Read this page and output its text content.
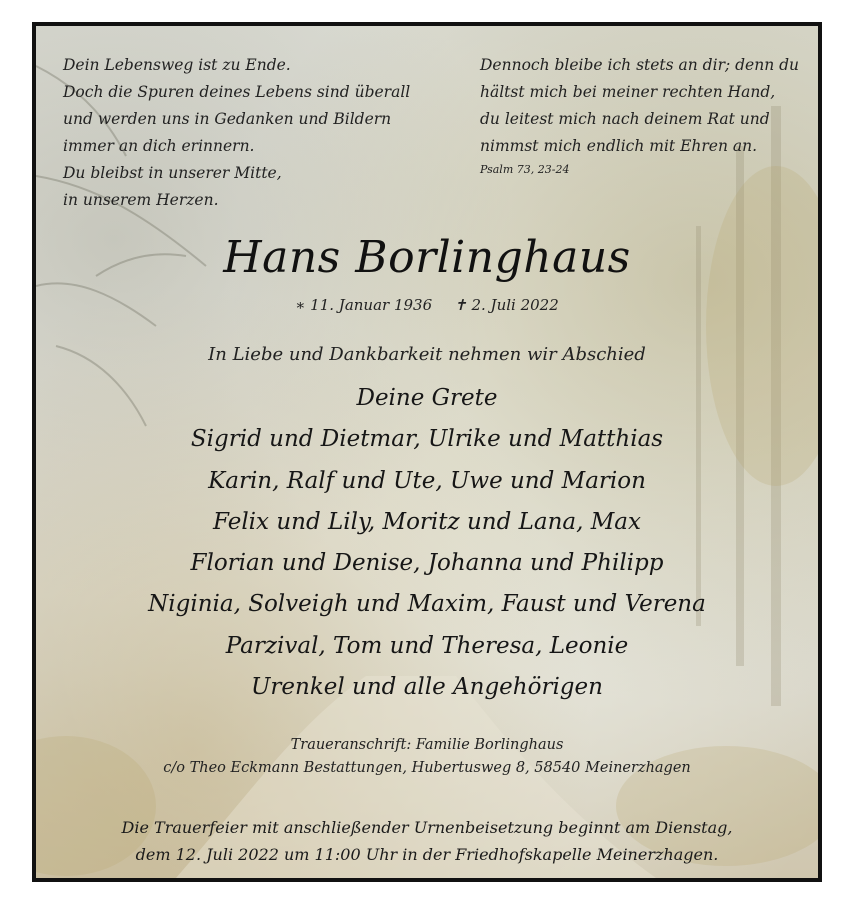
Dein Lebensweg ist zu Ende.
Doch die Spuren deines Lebens sind überall
und werden uns in Gedanken und Bildern
immer an dich erinnern.
Du bleibst in unserer Mitte,
in unserem Herzen.
Dennoch bleibe ich stets an dir; denn du
hältst mich bei meiner rechten Hand,
du leitest mich nach deinem Rat und
nimmst mich endlich mit Ehren an.
Psalm 73, 23-24
Hans Borlinghaus
∗ 11. Januar 1936 ✝ 2. Juli 2022
In Liebe und Dankbarkeit nehmen wir Abschied
Deine Grete
Sigrid und Dietmar, Ulrike und Matthias
Karin, Ralf und Ute, Uwe und Marion
Felix und Lily, Moritz und Lana, Max
Florian und Denise, Johanna und Philipp
Niginia, Solveigh und Maxim, Faust und Verena
Parzival, Tom und Theresa, Leonie
Urenkel und alle Angehörigen
Traueranschrift: Familie Borlinghaus
c/o Theo Eckmann Bestattungen, Hubertusweg 8, 58540 Meinerzhagen
Die Trauerfeier mit anschließender Urnenbeisetzung beginnt am Dienstag,
dem 12. Juli 2022 um 11:00 Uhr in der Friedhofskapelle Meinerzhagen.
